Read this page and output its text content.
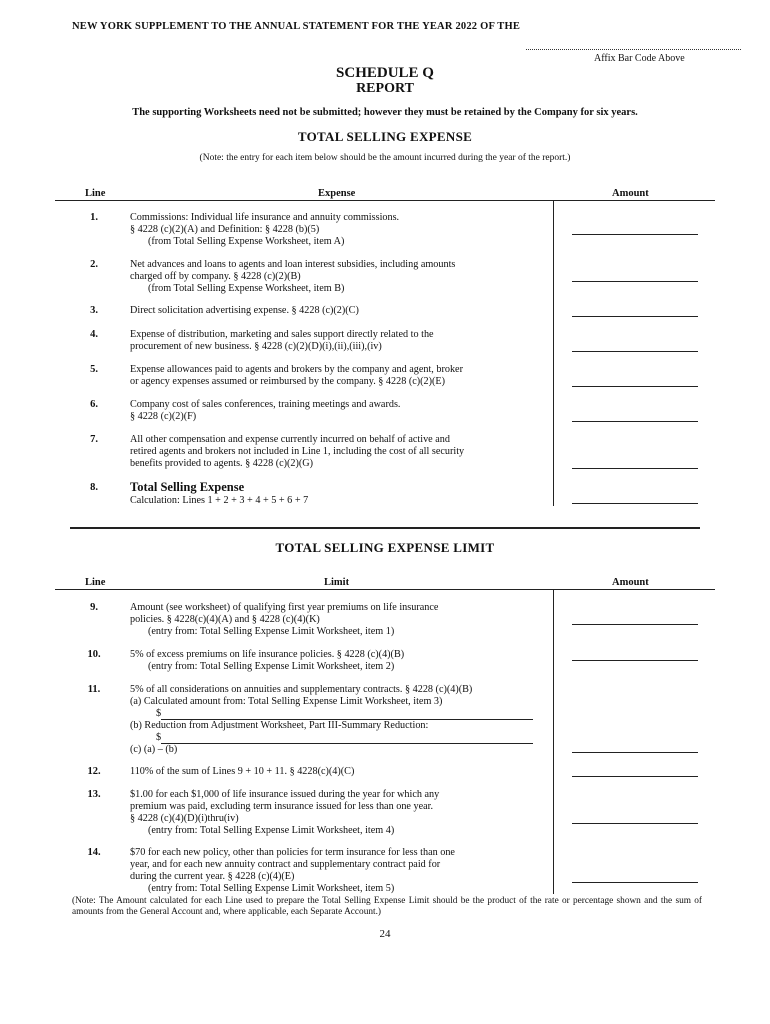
NEW YORK SUPPLEMENT TO THE ANNUAL STATEMENT FOR THE YEAR 2022 OF THE
Affix Bar Code Above
SCHEDULE Q
REPORT
The supporting Worksheets need not be submitted; however they must be retained by the Company for six years.
TOTAL SELLING EXPENSE
(Note: the entry for each item below should be the amount incurred during the year of the report.)
Line	Expense	Amount
1.	Commissions: Individual life insurance and annuity commissions.
§ 4228 (c)(2)(A) and Definition: § 4228 (b)(5)
(from Total Selling Expense Worksheet, item A)
2.	Net advances and loans to agents and loan interest subsidies, including amounts
charged off by company. § 4228 (c)(2)(B)
(from Total Selling Expense Worksheet, item B)
3.	Direct solicitation advertising expense. § 4228 (c)(2)(C)
4.	Expense of distribution, marketing and sales support directly related to the
procurement of new business. § 4228 (c)(2)(D)(i),(ii),(iii),(iv)
5.	Expense allowances paid to agents and brokers by the company and agent, broker
or agency expenses assumed or reimbursed by the company. § 4228 (c)(2)(E)
6.	Company cost of sales conferences, training meetings and awards.
§ 4228 (c)(2)(F)
7.	All other compensation and expense currently incurred on behalf of active and
retired agents and brokers not included in Line 1, including the cost of all security
benefits provided to agents. § 4228 (c)(2)(G)
8.	Total Selling Expense
Calculation: Lines 1 + 2 + 3 + 4 + 5 + 6 + 7
TOTAL SELLING EXPENSE LIMIT
Line	Limit	Amount
9.	Amount (see worksheet) of qualifying first year premiums on life insurance
policies. § 4228(c)(4)(A) and § 4228 (c)(4)(K)
(entry from: Total Selling Expense Limit Worksheet, item 1)
10.	5% of excess premiums on life insurance policies. § 4228 (c)(4)(B)
(entry from: Total Selling Expense Limit Worksheet, item 2)
11.	5% of all considerations on annuities and supplementary contracts. § 4228 (c)(4)(B)
(a) Calculated amount from: Total Selling Expense Limit Worksheet, item 3)
$
(b) Reduction from Adjustment Worksheet, Part III-Summary Reduction:
$
(c) (a) – (b)
12.	110% of the sum of Lines 9 + 10 + 11. § 4228(c)(4)(C)
13.	$1.00 for each $1,000 of life insurance issued during the year for which any
premium was paid, excluding term insurance issued for less than one year.
§ 4228 (c)(4)(D)(i)thru(iv)
(entry from: Total Selling Expense Limit Worksheet, item 4)
14.	$70 for each new policy, other than policies for term insurance for less than one
year, and for each new annuity contract and supplementary contract paid for
during the current year. § 4228 (c)(4)(E)
(entry from: Total Selling Expense Limit Worksheet, item 5)
(Note: The Amount calculated for each Line used to prepare the Total Selling Expense Limit should be the product of the rate or percentage shown and the sum of amounts from the General Account and, where applicable, each Separate Account.)
24
